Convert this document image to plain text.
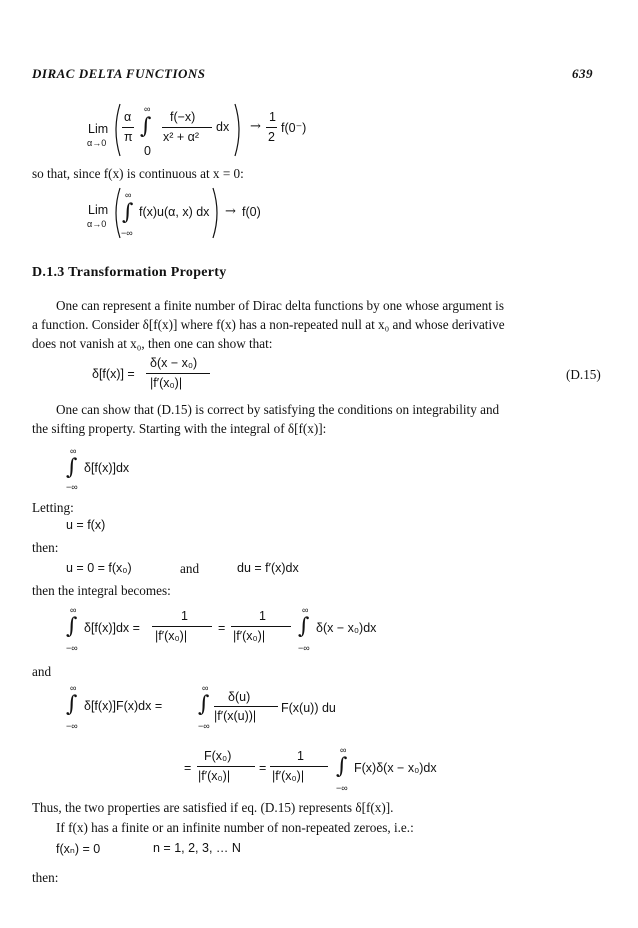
DIRAC DELTA FUNCTIONS	639
Lim
α→0
α
π
∞
∫
0
f(−x)
x² + α²
dx →
1
2
f(0⁻)
so that, since f(x) is continuous at x = 0:
Lim
α→0
∞
∫
−∞
f(x)u(α, x) dx → f(0)
D.1.3 Transformation Property
One can represent a finite number of Dirac delta functions by one whose argument is
a function. Consider δ[f(x)] where f(x) has a non-repeated null at x₀ and whose derivative
does not vanish at x₀, then one can show that:
δ[f(x)] =
δ(x − x₀)
|f′(x₀)|
(D.15)
One can show that (D.15) is correct by satisfying the conditions on integrability and
the sifting property. Starting with the integral of δ[f(x)]:
∞
∫
−∞
δ[f(x)]dx
Letting:
u = f(x)
then:
u = 0 = f(x₀)	and	du = f′(x)dx
then the integral becomes:
∞
∫
−∞
δ[f(x)]dx =
1
|f′(x₀)|
=
1
|f′(x₀)|
∞
∫
−∞
δ(x − x₀)dx
and
∞
∫
−∞
δ[f(x)]F(x)dx =
∞
∫
−∞
δ(u)
|f′(x(u))|
F(x(u)) du
=
F(x₀)
|f′(x₀)|
=
1
|f′(x₀)|
∞
∫
−∞
F(x)δ(x − x₀)dx
Thus, the two properties are satisfied if eq. (D.15) represents δ[f(x)].
If f(x) has a finite or an infinite number of non-repeated zeroes, i.e.:
f(xₙ) = 0	n = 1, 2, 3, … N
then:
